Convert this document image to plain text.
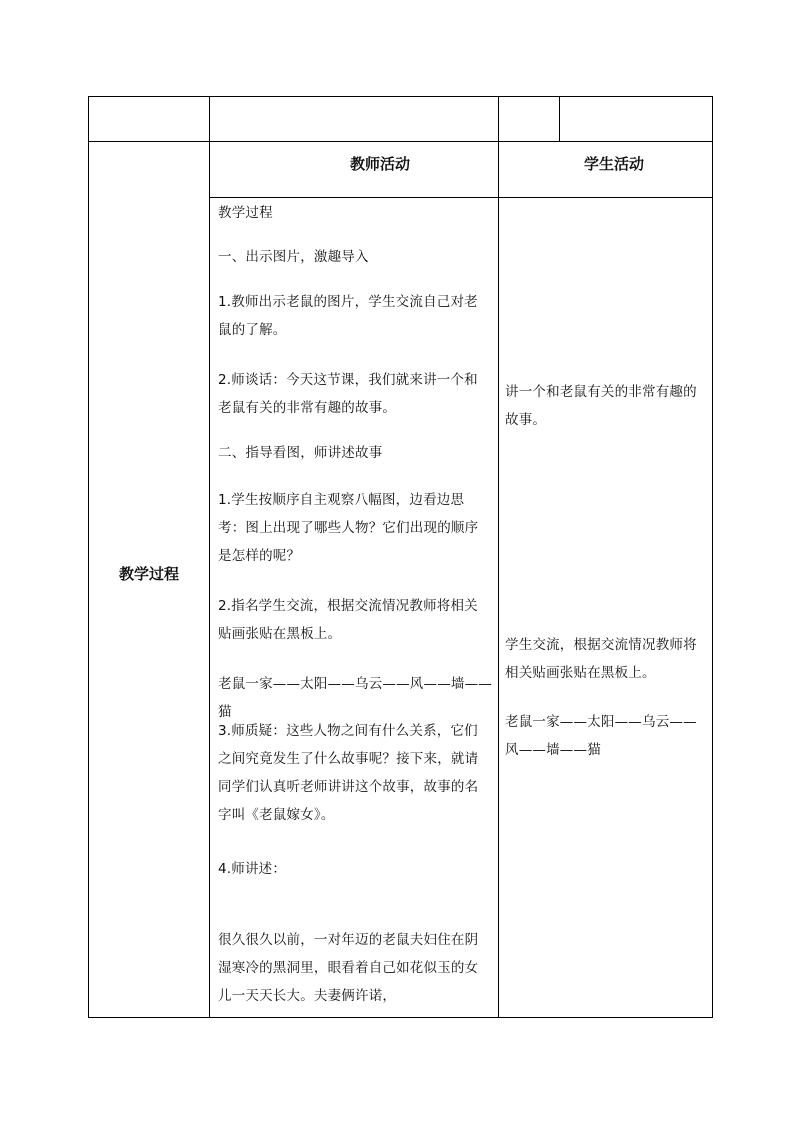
教学过程
教师活动	学生活动
教学过程
一、出示图片，激趣导入
1.教师出示老鼠的图片，学生交流自己对老鼠的了解。
2.师谈话：今天这节课，我们就来讲一个和老鼠有关的非常有趣的故事。
二、指导看图，师讲述故事
1.学生按顺序自主观察八幅图，边看边思考：图上出现了哪些人物？它们出现的顺序是怎样的呢？
2.指名学生交流，根据交流情况教师将相关贴画张贴在黑板上。
老鼠一家——太阳——乌云——风——墙——猫
3.师质疑：这些人物之间有什么关系，它们之间究竟发生了什么故事呢？接下来，就请同学们认真听老师讲讲这个故事，故事的名字叫《老鼠嫁女》。
4.师讲述：
很久很久以前，一对年迈的老鼠夫妇住在阴湿寒冷的黑洞里，眼看着自己如花似玉的女儿一天天长大。夫妻俩许诺，
讲一个和老鼠有关的非常有趣的故事。
学生交流，根据交流情况教师将相关贴画张贴在黑板上。
老鼠一家——太阳——乌云——风——墙——猫
